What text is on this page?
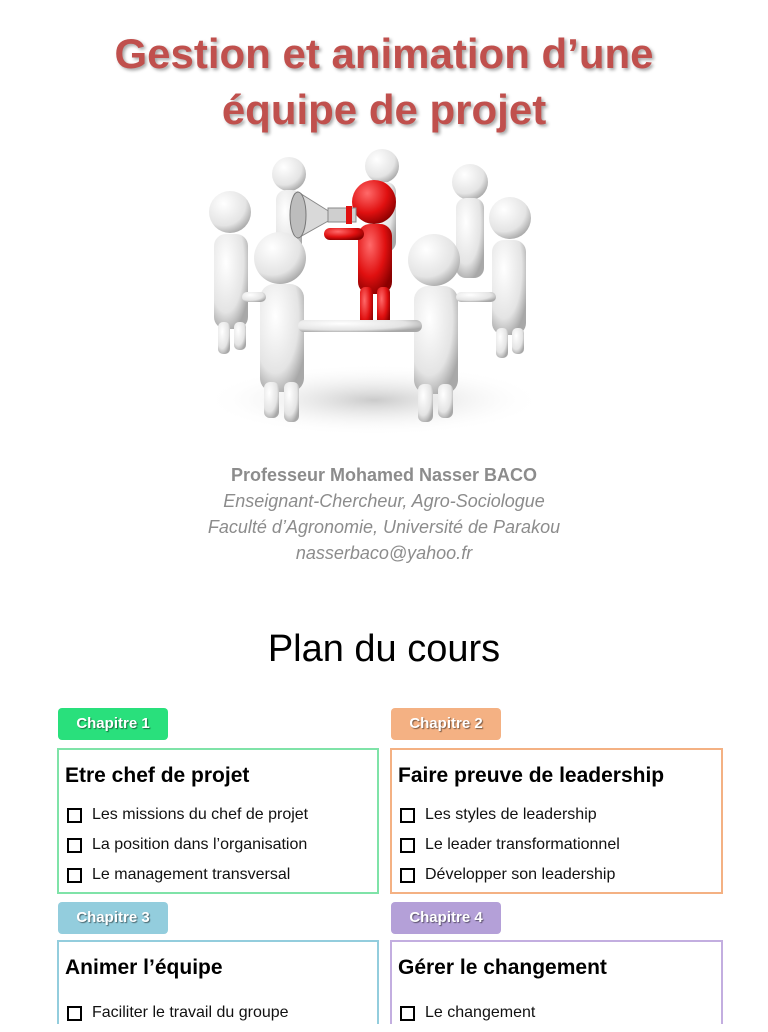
Gestion et animation d’une
équipe de projet
Professeur Mohamed Nasser BACO
Enseignant-Chercheur, Agro-Sociologue
Faculté d’Agronomie, Université de Parakou
nasserbaco@yahoo.fr
Plan du cours
Chapitre 1
Etre chef de projet
Les missions du chef de projet
La position dans l’organisation
Le management transversal
Chapitre 2
Faire preuve de leadership
Les styles de leadership
Le leader transformationnel
Développer son leadership
Chapitre 3
Animer l’équipe
Faciliter le travail du groupe
Chapitre 4
Gérer le changement
Le changement
